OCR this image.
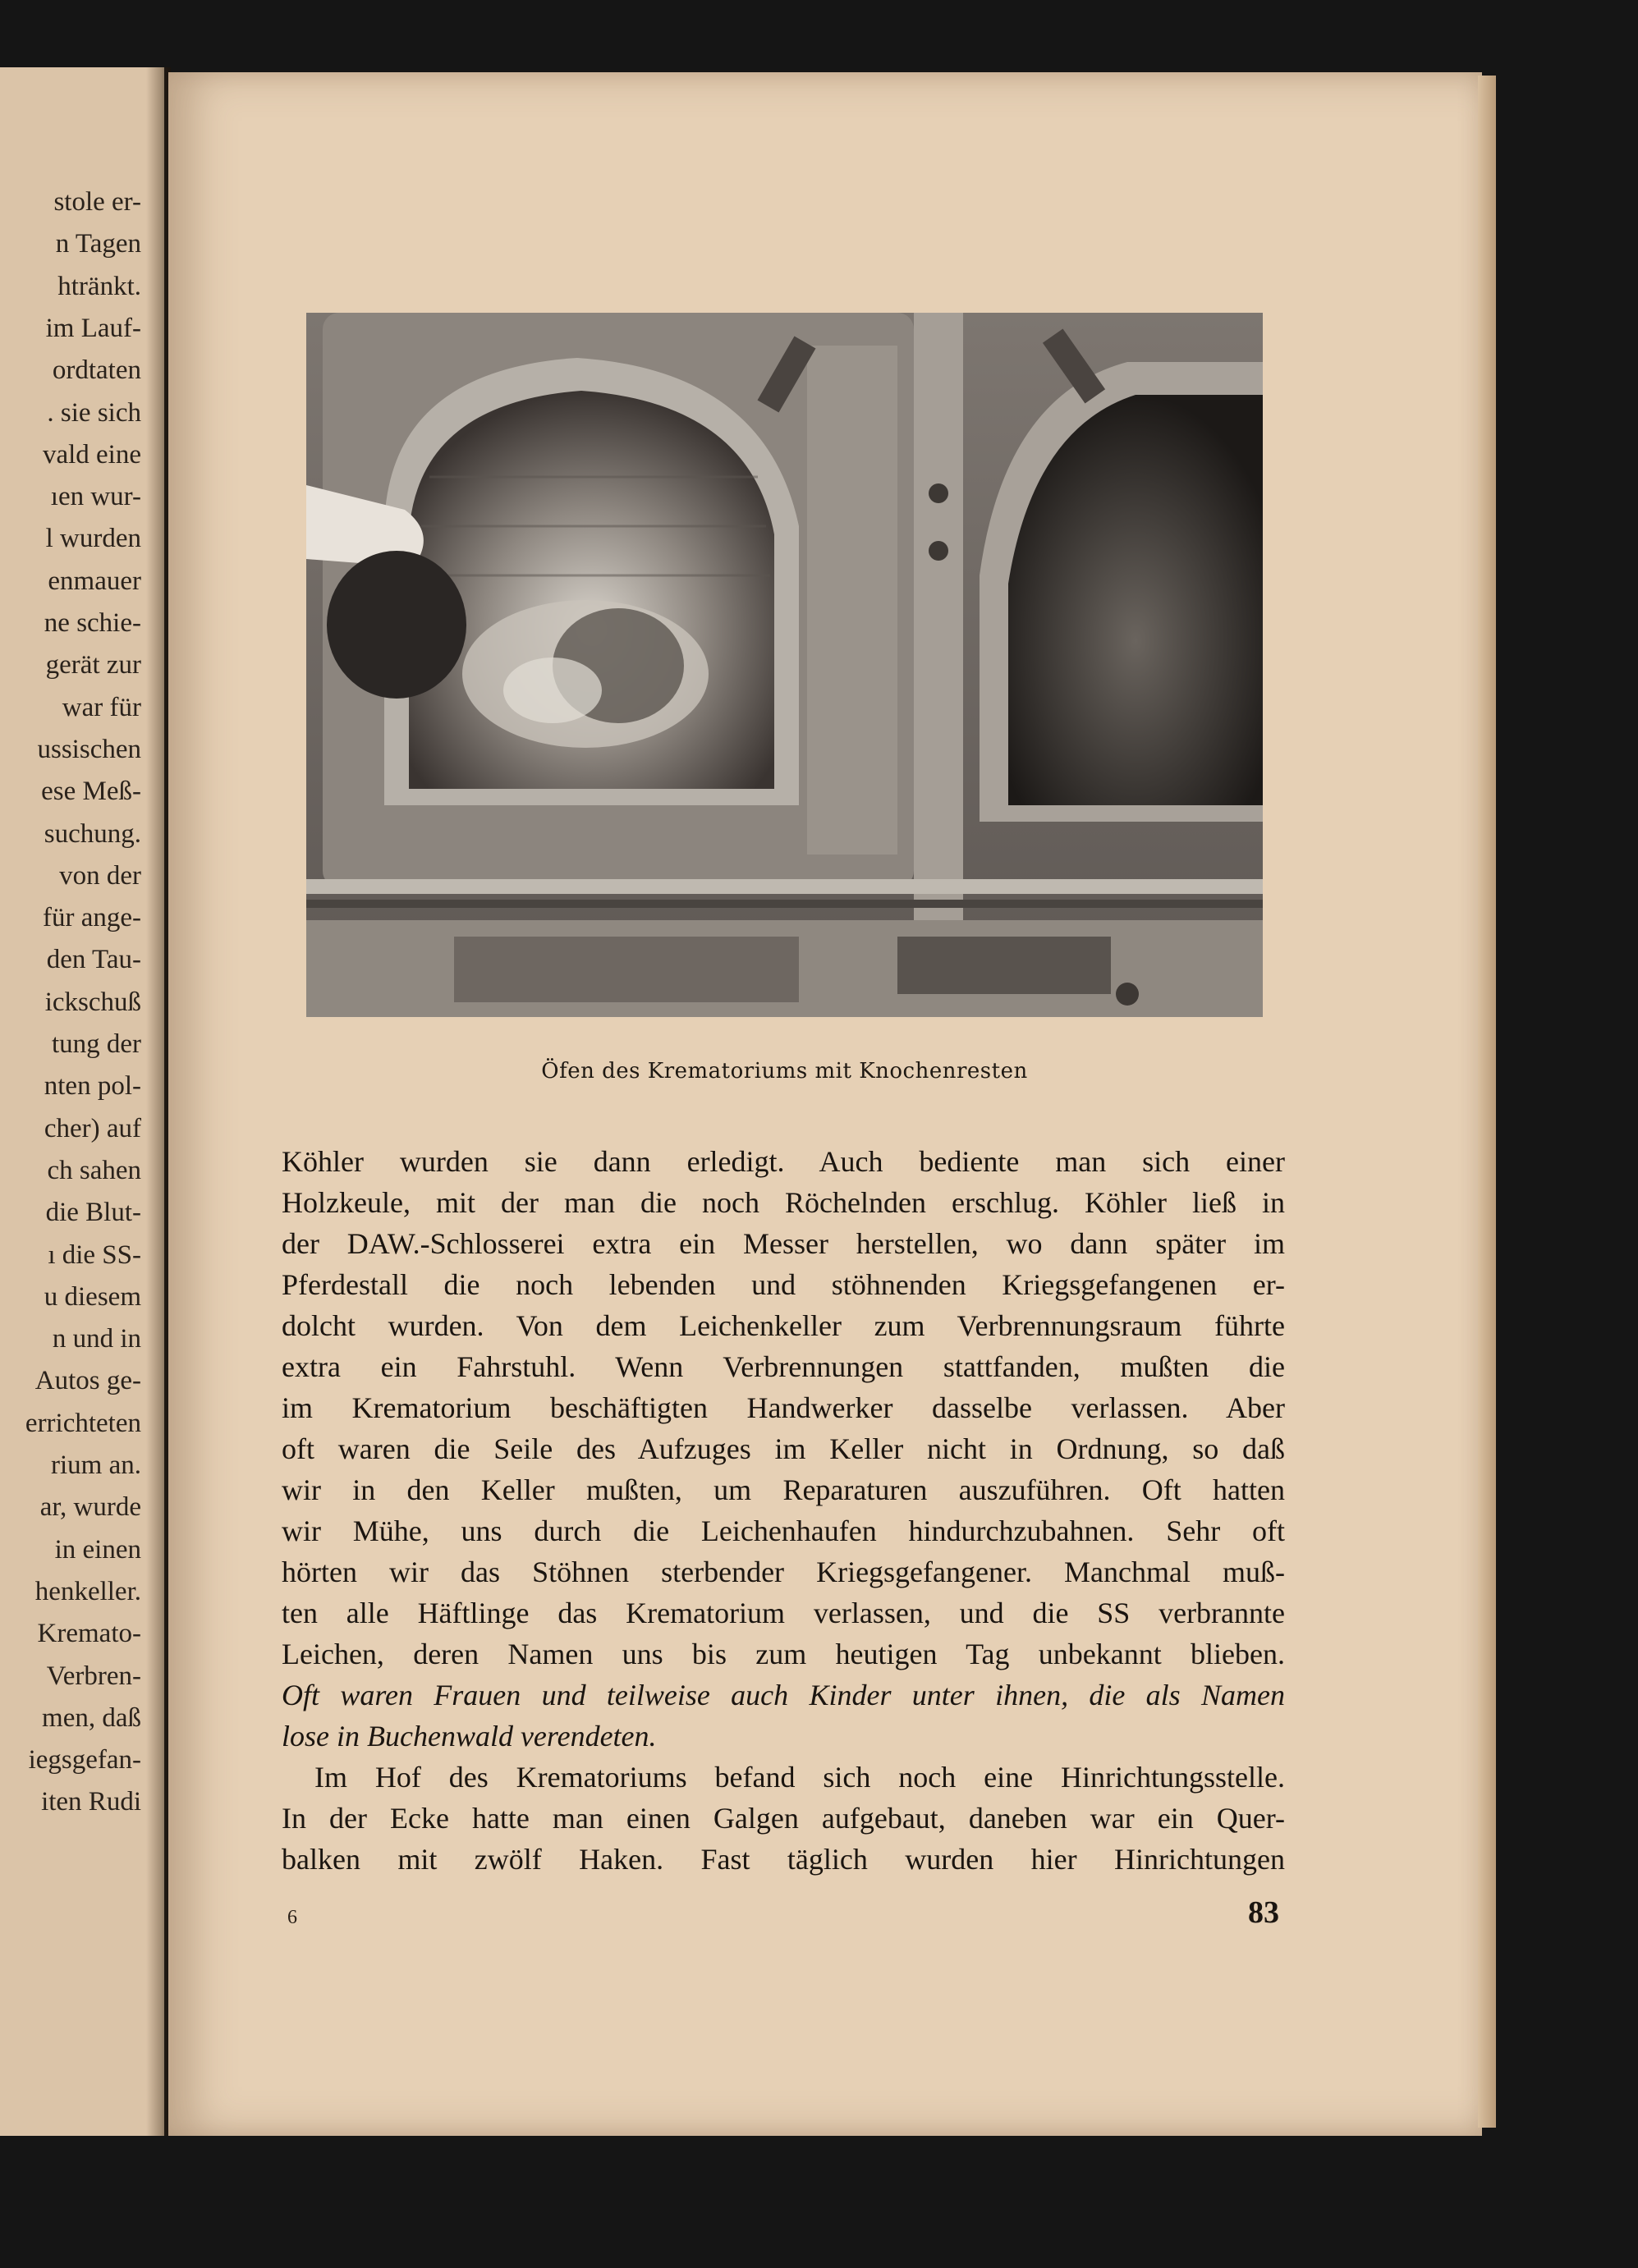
stole er-
n Tagen
htränkt.
im Lauf-
ordtaten
. sie sich
vald eine
ıen wur-
l wurden
enmauer
ne schie-
gerät zur
war für
ussischen
ese Meß-
suchung.
von der
für ange-
den Tau-
ickschuß
tung der
nten pol-
cher) auf
ch sahen
die Blut-
ı die SS-
u diesem
n und in
Autos ge-
errichteten
rium an.
ar, wurde
in einen
henkeller.
Kremato-
Verbren-
men, daß
iegsgefan-
iten Rudi
Öfen des Krematoriums mit Knochenresten
Köhler wurden sie dann erledigt. Auch bediente man sich einer
Holzkeule, mit der man die noch Röchelnden erschlug. Köhler ließ in
der DAW.-Schlosserei extra ein Messer herstellen, wo dann später im
Pferdestall die noch lebenden und stöhnenden Kriegsgefangenen er-
dolcht wurden. Von dem Leichenkeller zum Verbrennungsraum führte
extra ein Fahrstuhl. Wenn Verbrennungen stattfanden, mußten die
im Krematorium beschäftigten Handwerker dasselbe verlassen. Aber
oft waren die Seile des Aufzuges im Keller nicht in Ordnung, so daß
wir in den Keller mußten, um Reparaturen auszuführen. Oft hatten
wir Mühe, uns durch die Leichenhaufen hindurchzubahnen. Sehr oft
hörten wir das Stöhnen sterbender Kriegsgefangener. Manchmal muß-
ten alle Häftlinge das Krematorium verlassen, und die SS verbrannte
Leichen, deren Namen uns bis zum heutigen Tag unbekannt blieben.
Oft waren Frauen und teilweise auch Kinder unter ihnen, die als Namen
lose in Buchenwald verendeten.
Im Hof des Krematoriums befand sich noch eine Hinrichtungsstelle.
In der Ecke hatte man einen Galgen aufgebaut, daneben war ein Quer-
balken mit zwölf Haken. Fast täglich wurden hier Hinrichtungen
6	83
